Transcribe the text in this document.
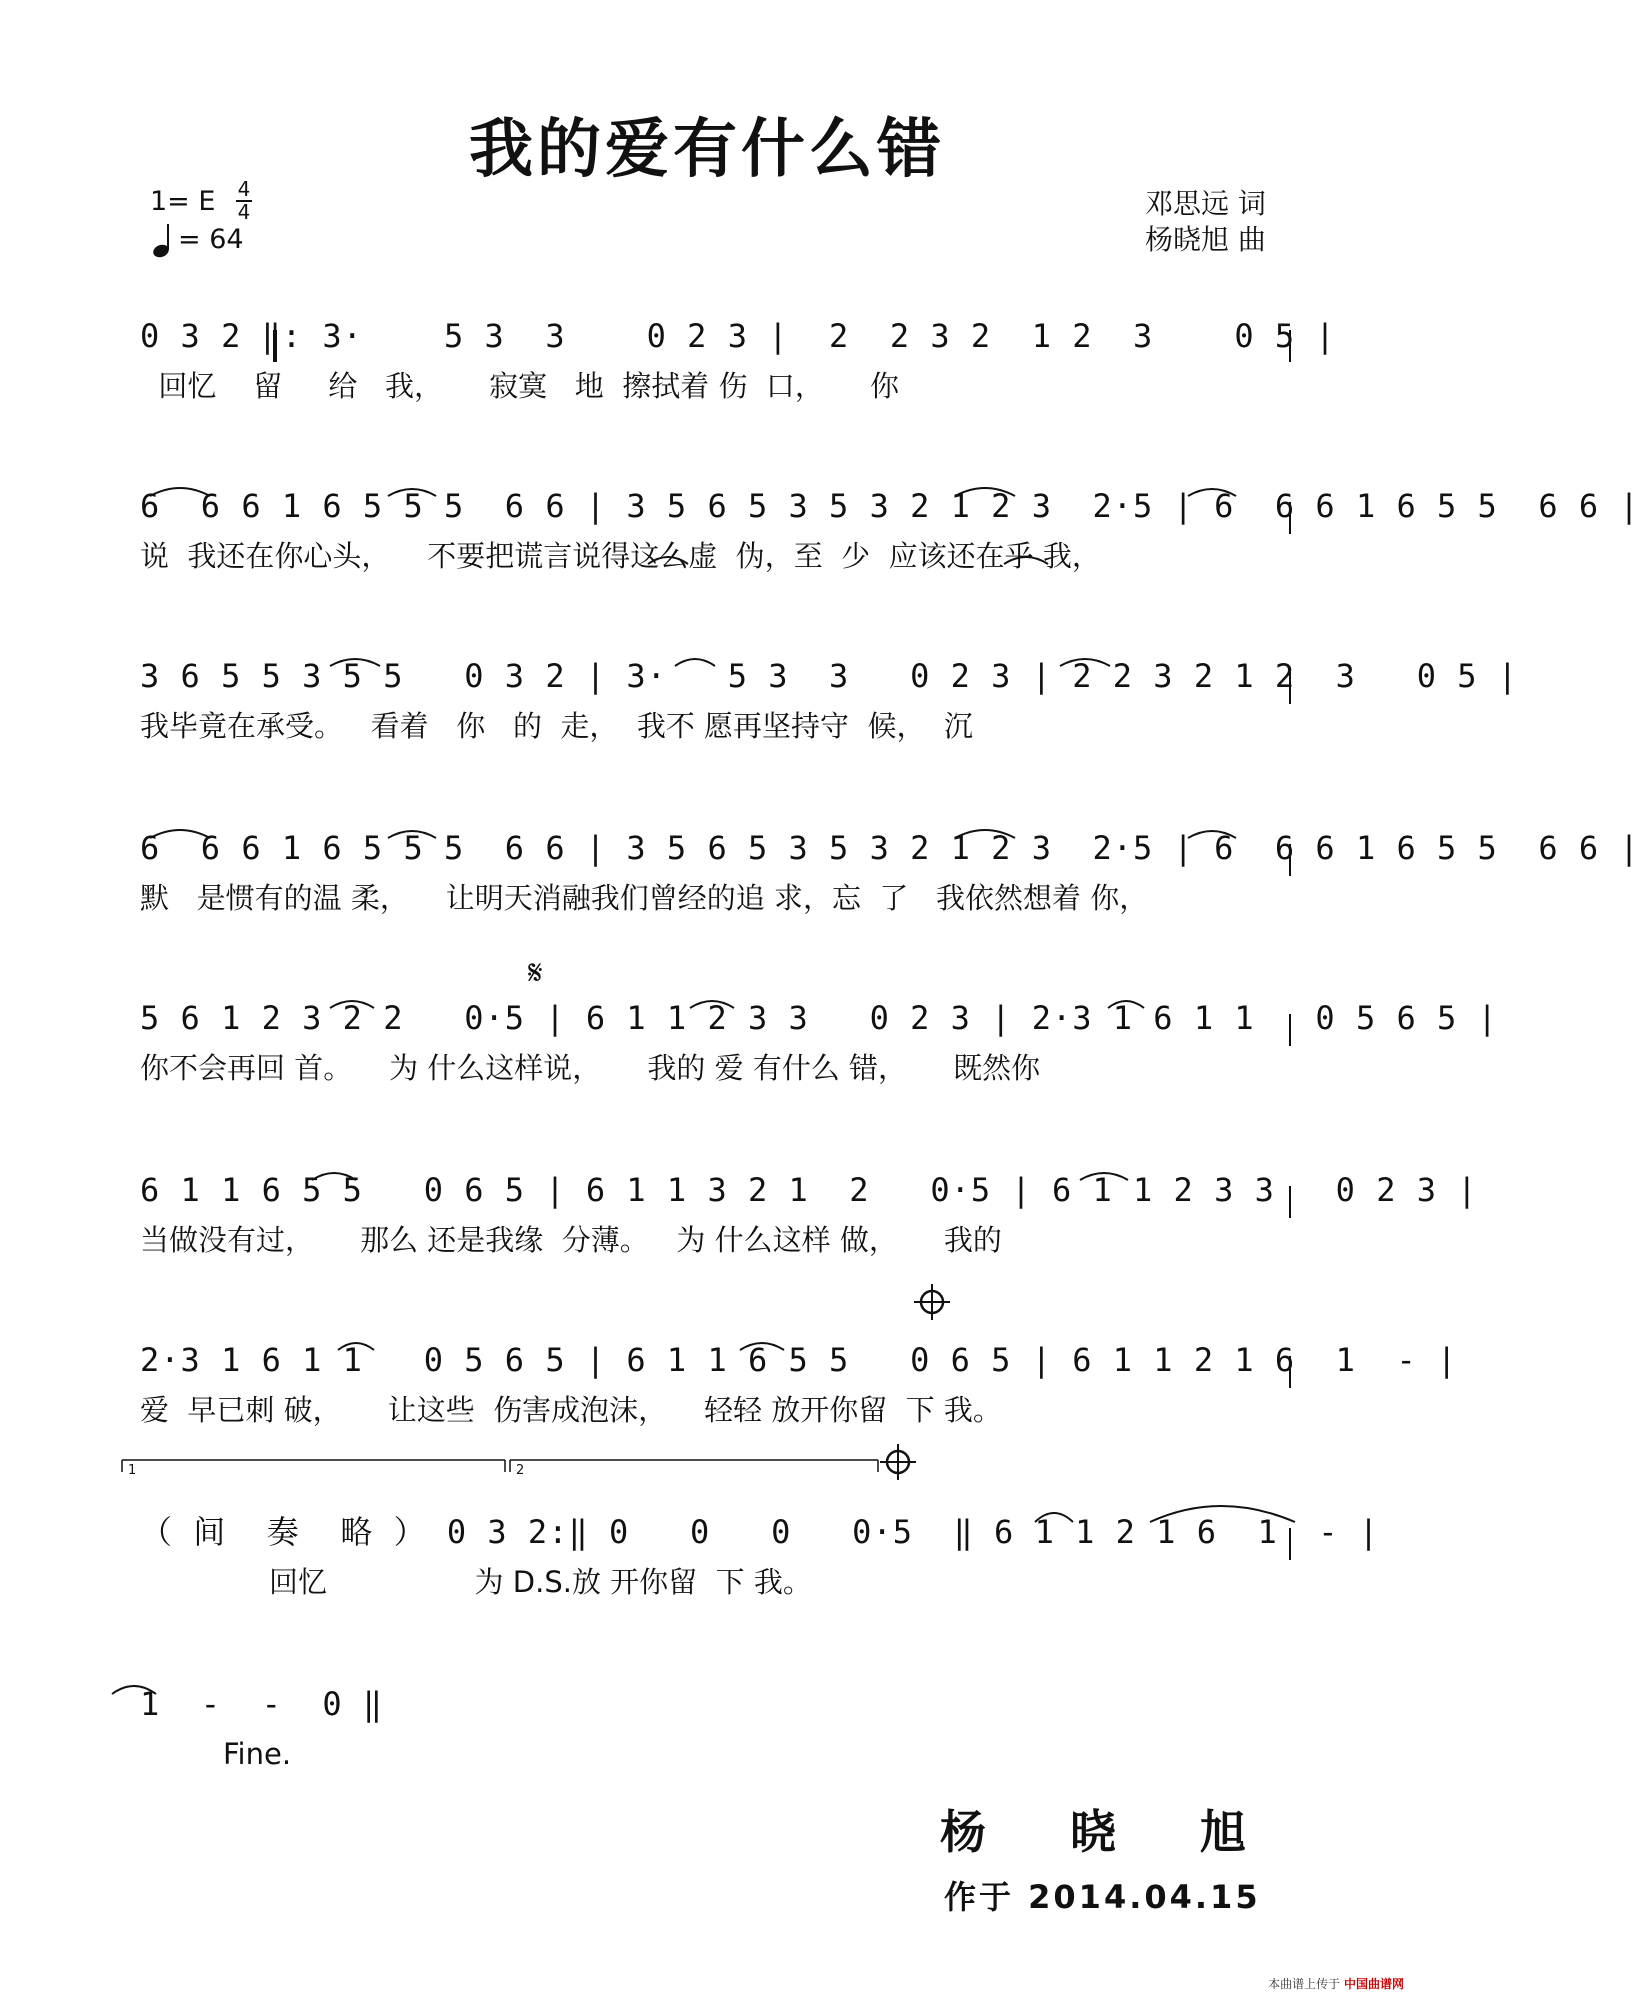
我的爱有什么错
1= E 4
4
= 64
邓思远 词
杨晓旭 曲
0 3 2 ‖: 3·    5 3  3    0 2 3 |  2  2 3 2  1 2  3    0 5 |
回忆    留     给   我，     寂寞   地  擦拭着 伤  口，     你
6  6 6 1 6 5 5 5  6 6 | 3 5 6 5 3 5 3 2 1 2 3  2·5 | 6  6 6 1 6 5 5  6 6 |
说  我还在你心头，    不要把谎言说得这么虚  伪，至  少  应该还在乎 我，
3 6 5 5 3 5 5   0 3 2 | 3·   5 3  3   0 2 3 | 2 2 3 2 1 2  3   0 5 |
我毕竟在承受。   看着   你   的  走，  我不 愿再坚持守  候，  沉
6  6 6 1 6 5 5 5  6 6 | 3 5 6 5 3 5 3 2 1 2 3  2·5 | 6  6 6 1 6 5 5  6 6 |
默   是惯有的温 柔，    让明天消融我们曾经的追 求，忘  了   我依然想着 你，
𝄋
5 6 1 2 3 2 2   0·5 | 6 1 1 2 3 3   0 2 3 | 2·3 1 6 1 1   0 5 6 5 |
你不会再回 首。    为 什么这样说，     我的 爱 有什么 错，     既然你
6 1 1 6 5 5   0 6 5 | 6 1 1 3 2 1  2   0·5 | 6 1 1 2 3 3   0 2 3 |
当做没有过，     那么 还是我缘  分薄。   为 什么这样 做，     我的
2·3 1 6 1 1   0 5 6 5 | 6 1 1 6 5 5   0 6 5 | 6 1 1 2 1 6  1  - |
爱  早已刺 破，     让这些  伤害成泡沫，    轻轻 放开你留  下 我。
1	2
（ 间  奏  略 ） 0 3 2:‖ 0   0   0   0·5  ‖ 6 1 1 2 1 6  1  - |
回忆                为 D.S.放 开你留  下 我。
1  -  -  0 ‖
Fine.
杨 晓 旭
作于 2014.04.15
本曲谱上传于 中国曲谱网
